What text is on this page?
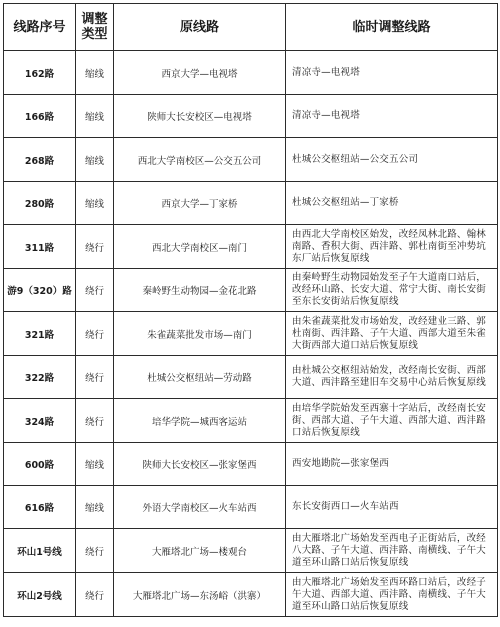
线路序号	调整类型	原线路	临时调整线路
162路	缩线	西京大学—电视塔	清凉寺—电视塔
166路	缩线	陕师大长安校区—电视塔	清凉寺—电视塔
268路	缩线	西北大学南校区—公交五公司	杜城公交枢纽站—公交五公司
280路	缩线	西京大学—丁家桥	杜城公交枢纽站—丁家桥
311路	绕行	西北大学南校区—南门	由西北大学南校区始发，改经凤林北路、翰林南路、香积大街、西沣路、郭杜南街至冲势坑东厂站后恢复原线
游9（320）路	绕行	秦岭野生动物园—金花北路	由秦岭野生动物园始发至子午大道南口站后，改经环山路、长安大道、常宁大街、南长安街至东长安街站后恢复原线
321路	绕行	朱雀蔬菜批发市场—南门	由朱雀蔬菜批发市场始发，改经建业三路、郭杜南街、西沣路、子午大道、西部大道至朱雀大街西部大道口站后恢复原线
322路	绕行	杜城公交枢纽站—劳动路	由杜城公交枢纽站始发，改经南长安街、西部大道、西沣路至建旧车交易中心站后恢复原线
324路	绕行	培华学院—城西客运站	由培华学院始发至西寨十字站后，改经南长安街、西部大道、子午大道、西部大道、西沣路口站后恢复原线
600路	缩线	陕师大长安校区—张家堡西	西安地勘院—张家堡西
616路	缩线	外语大学南校区—火车站西	东长安街西口—火车站西
环山1号线	绕行	大雁塔北广场—楼观台	由大雁塔北广场始发至西电子正街站后，改经八大路、子午大道、西沣路、南横线、子午大道至环山路口站后恢复原线
环山2号线	绕行	大雁塔北广场—东汤峪（洪寨）	由大雁塔北广场始发至西环路口站后，改经子午大道、西部大道、西沣路、南横线、子午大道至环山路口站后恢复原线
